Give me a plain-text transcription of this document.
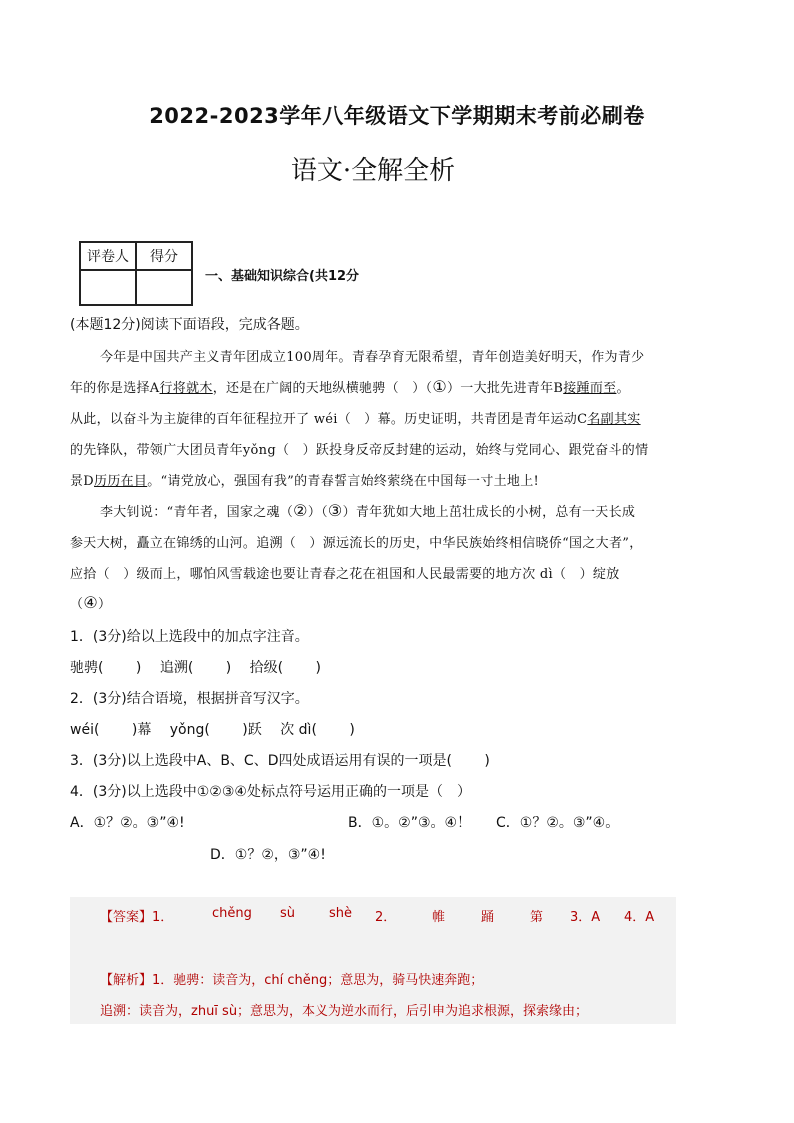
2022-2023学年八年级语文下学期期末考前必刷卷
语文·全解全析
评卷人	得分

一、基础知识综合(共12分
(本题12分)阅读下面语段，完成各题。
今年是中国共产主义青年团成立100周年。青春孕育无限希望，青年创造美好明天，作为青少
年的你是选择A行将就木，还是在广阔的天地纵横驰骋（　）（①）一大批先进青年B接踵而至。
从此，以奋斗为主旋律的百年征程拉开了 wéi（　）幕。历史证明，共青团是青年运动C名副其实
的先锋队，带领广大团员青年yǒng（　）跃投身反帝反封建的运动，始终与党同心、跟党奋斗的情
景D历历在目。“请党放心，强国有我”的青春誓言始终萦绕在中国每一寸土地上!
李大钊说：“青年者，国家之魂（②）（③）青年犹如大地上茁壮成长的小树，总有一天长成
参天大树，矗立在锦绣的山河。追溯（　）源远流长的历史，中华民族始终相信晓侨“国之大者”，
应拾（　）级而上，哪怕风雪载途也要让青春之花在祖国和人民最需要的地方次 dì（　）绽放
（④）
1．(3分)给以上选段中的加点字注音。
驰骋(　　 )　 追溯(　　 )　 拾级(　　 )
2．(3分)结合语境，根据拼音写汉字。
wéi(　　 )幕　 yǒng(　　 )跃　 次 dì(　　 )
3．(3分)以上选段中A、B、C、D四处成语运用有误的一项是(　　 )
4．(3分)以上选段中①②③④处标点符号运用正确的一项是（　）
A．①？②。③”④!	B．①。②”③。④！ C．①？②。③”④。
D．①？②，③”④!
【答案】1．	chěng sù	shè 2．	帷	踊	第 3．A 4．A
【解析】1．驰骋：读音为，chí chěng；意思为，骑马快速奔跑；
追溯：读音为，zhuī sù；意思为，本义为逆水而行，后引申为追求根源，探索缘由；
